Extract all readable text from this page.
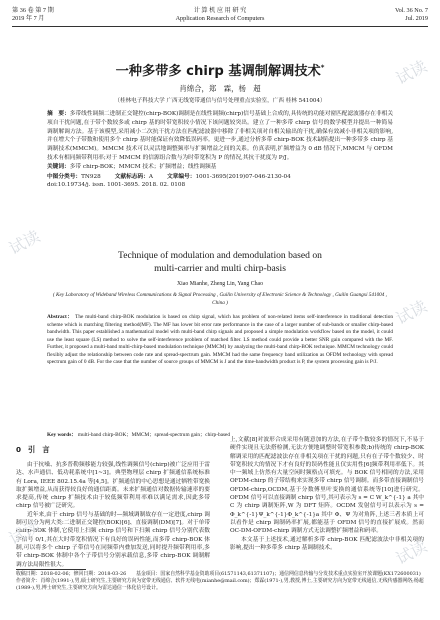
第 36 卷 第 7 期
2019 年 7 月
计 算 机 应 用 研 究
Application Research of Computers
Vol. 36 No. 7
Jul. 2019
一种多带多 chirp 基调制解调技术*
肖绵合，郑　霖，杨　超
（桂林电子科技大学 广西无线宽带通信与信号处理重点实验室，广西 桂林 541004）
摘　要：多带线性调频二进制正交键控(chirp-BOK)调制是在线性调频(chirp)信号基础上合成的,具传统的功能对窗匹配滤波器存在非相关项自干扰问题,在于带个数较多或 chirp 基的时带宽积较小情况下该问题较突出。建立了一种多带 chirp 信号的数学模型并提出一种简易调制解调方法。基于该模型,采用减小二次抗干扰方法在匹配滤波器中移除了非相关项对自相关输出的干扰,确保有效减小非相关项的影响,并在增大个子带数和使用多个 chirp 基时能保证有效降低误码率。更进一步,通过分析多带 chirp-BOK 技术缺陷提出一种多带多 chirp 基调制技术(MMCM)。MMCM 技术可以灵活地调整频率与扩频增益之间的关系。仿真表明,扩频增益为 0 dB 情况下,MMCM 与 OFDM 技术有相同频带利用率;对于 MMCM 的信源组合数与为时带宽积为 P 的情况,其抗干扰度为 P/J。
关键词：多带 chirp-BOK；MMCM 技术；扩频增益；线性调频基
中图分类号：TN928 文献标志码：A 文章编号：1001-3695(2019)07-046-2130-04
doi:10.19734/j. issn. 1001-3695. 2018. 02. 0108
Technique of modulation and demodulation based on
multi-carrier and multi chirp-basis
Xiao Mianhe, Zheng Lin, Yang Chao
( Key Laboratory of Wideband Wireless Communications & Signal Processing , Guilin University of Electronic Science & Technology , Guilin Guangxi 541004 , China )
Abstract： The multi-band chirp-BOK modulation is based on chirp signal, which has problem of non-related items self-interference in traditional detection scheme which is matching filtering method(MF). The MF has lower bit error rate performance in the case of a larger number of sub-bands or smaller chirp-based bandwidth. This paper established a mathematical model with multi-band chirp signals and proposed a simple modulation workflow based on the model, it could use the least square (LS) method to solve the self-interference problem of matched filter. LS method could provide a better SNR gain compared with the MF. Further, it proposed a multi-band multi-chirp-based modulation technique (MMCM) by analyzing the multi-band chirp-BOK technique. MMCM technology could flexibly adjust the relationship between code rate and spread-spectrum gain. MMCM had the same frequency band utilization as OFDM technology with spread spectrum gain of 0 dB. For the case that the number of source groups of MMCM is J and the time-bandwidth product is P, the system processing gain is P/J.
Key words： multi-band chirp-BOK；MMCM；spread-spectrum gain；chirp-based
0 引　言

由于抗噪、抗多普勒频移能力较强,线性调频信号(chirp)被广泛应用于雷达、水声通信、低功耗系统中[1~3]。典型物理层 chirp 扩频通信系统标准有 Lora, IEEE 802.15.4a 等[4,5]。扩频通信的中心思想是通过牺牲带宽换取扩频增益,从而获得较良好的通信距离。未来扩频通信对数据传输速率的要求提高,传统 chirp 扩频技术由于较低频带利用率难以满足需求,因此多带 chirp 信号被广泛研究。

近年来,由于 chirp 信号与基础的时—频域调制故存在一定进度,chirp 调制可以分为两大类:二进制正交键控(BOK)[6]、直接调制(DM)[7]。对于单带 chirp-BOK 体制,它使用上扫频 chirp 信号和下扫频 chirp 信号分别代表数字信号 0/1,其在大时带宽积情况下有良好的误码性能,而多带 chirp-BOK 体制,可以将多个 chirp 子带信号在同频带内叠加发送,同时提升频带利用率,多带 chirp-BOK 体制中各个子带信号分别承载信息,多带 chirp-BOK 调制解调方法局限性很大。

上,文献[8]对波形合成采用有随意加的方法,在子带个数较多的情况下,不易于硬件实现且无法搭检测,无法方便地调整时带宽积参数;b)传统的 chirp-BOK 解调采用的匹配滤波法存在非相关项在干扰的问题,只有在子带个数较少、时带宽积较大的情况下才有良好的误码性能且仅实用性[6]频带利用率低下。其中一频域上仿然有大量空闲时频格点可填充。与 BOK 信号相同的方法,采用 OFDM-chirp 的子带结构来实现多带 chirp 信号调制。而多带直接调制信号 OFDM-chirp,OCDM,基于分数傅里叶变换的通信系统等[10]进行研究。OFDM 信号可以直接调制 chirp 信号,其可表示为 s = C W_k^{-1} a 其中 C 为 chirp 调制矩阵,W 为 DFT 矩阵。OCDM 发射信号可以表示为 s = Φ_k^{-1}Ψ_k^{-1}Φ_k^{-1}a 其中 Φ、Ψ 为对角阵,上述三者本质上可以看作是 chirp 调制码率扩展,都能基于 OFDM 信号的直接扩展成。然而 OC-DM-OFDM-chirp 调制方式无法调整扩频增益和码率。

本文基于上述技术,通过解析多带 chirp-BOK 匹配滤波法中非相关项的影响,提出一种多带多 chirp 基调制技术。

收稿日期：2018-02-06；修回日期：2018-03-26　　基金项目：国家自然科学基金资助项目(61571143,61371107)；通信网信息传输与分发技术重点实验室开放课题(KX172600031)

作者简介：肖绵合(1991-),男,硕士研究生,主要研究方向为宽带无线通信、软件无线电(mianhe@mail.com)；郑霖(1971-),男,教授,博士,主要研究方向为宽带无线通信,无线传感器网络;杨超(1989-),男,博士研究生,主要研究方向为雷达通信一体化信号设计。

试读
试读
试读
试读
试读
